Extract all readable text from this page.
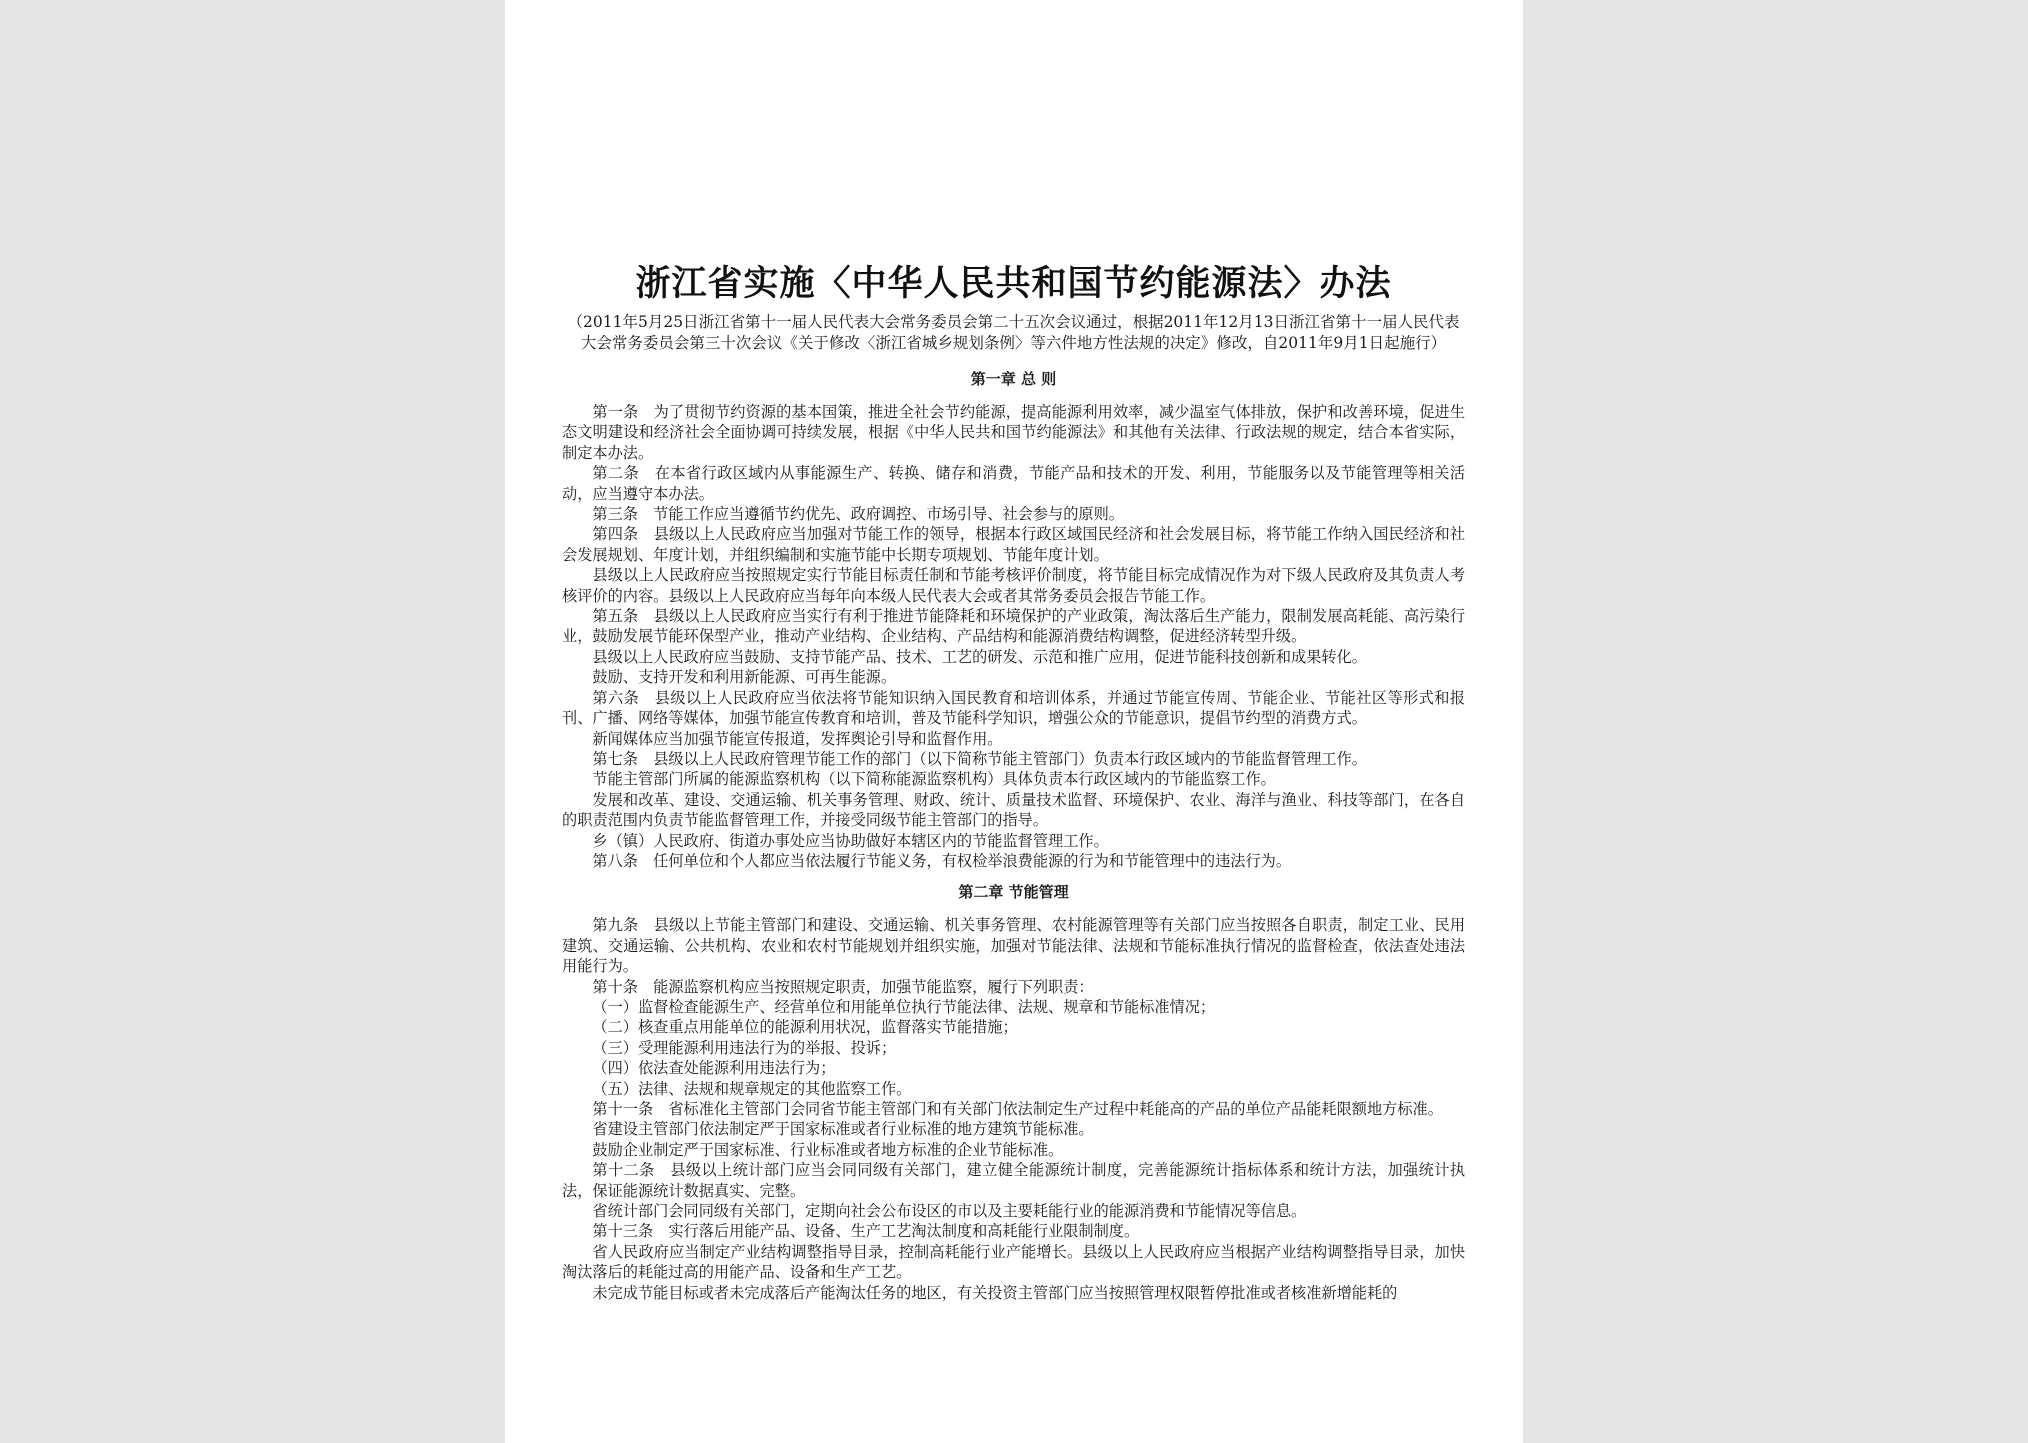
浙江省实施〈中华人民共和国节约能源法〉办法

（2011年5月25日浙江省第十一届人民代表大会常务委员会第二十五次会议通过，根据2011年12月13日浙江省第十一届人民代表大会常务委员会第三十次会议《关于修改〈浙江省城乡规划条例〉等六件地方性法规的决定》修改，自2011年9月1日起施行）

第一章 总 则

第一条　为了贯彻节约资源的基本国策，推进全社会节约能源，提高能源利用效率，减少温室气体排放，保护和改善环境，促进生态文明建设和经济社会全面协调可持续发展，根据《中华人民共和国节约能源法》和其他有关法律、行政法规的规定，结合本省实际，制定本办法。

第二条　在本省行政区域内从事能源生产、转换、储存和消费，节能产品和技术的开发、利用，节能服务以及节能管理等相关活动，应当遵守本办法。

第三条　节能工作应当遵循节约优先、政府调控、市场引导、社会参与的原则。

第四条　县级以上人民政府应当加强对节能工作的领导，根据本行政区域国民经济和社会发展目标，将节能工作纳入国民经济和社会发展规划、年度计划，并组织编制和实施节能中长期专项规划、节能年度计划。

县级以上人民政府应当按照规定实行节能目标责任制和节能考核评价制度，将节能目标完成情况作为对下级人民政府及其负责人考核评价的内容。县级以上人民政府应当每年向本级人民代表大会或者其常务委员会报告节能工作。

第五条　县级以上人民政府应当实行有利于推进节能降耗和环境保护的产业政策，淘汰落后生产能力，限制发展高耗能、高污染行业，鼓励发展节能环保型产业，推动产业结构、企业结构、产品结构和能源消费结构调整，促进经济转型升级。

县级以上人民政府应当鼓励、支持节能产品、技术、工艺的研发、示范和推广应用，促进节能科技创新和成果转化。

鼓励、支持开发和利用新能源、可再生能源。

第六条　县级以上人民政府应当依法将节能知识纳入国民教育和培训体系，并通过节能宣传周、节能企业、节能社区等形式和报刊、广播、网络等媒体，加强节能宣传教育和培训，普及节能科学知识，增强公众的节能意识，提倡节约型的消费方式。

新闻媒体应当加强节能宣传报道，发挥舆论引导和监督作用。

第七条　县级以上人民政府管理节能工作的部门（以下简称节能主管部门）负责本行政区域内的节能监督管理工作。

节能主管部门所属的能源监察机构（以下简称能源监察机构）具体负责本行政区域内的节能监察工作。

发展和改革、建设、交通运输、机关事务管理、财政、统计、质量技术监督、环境保护、农业、海洋与渔业、科技等部门，在各自的职责范围内负责节能监督管理工作，并接受同级节能主管部门的指导。

乡（镇）人民政府、街道办事处应当协助做好本辖区内的节能监督管理工作。

第八条　任何单位和个人都应当依法履行节能义务，有权检举浪费能源的行为和节能管理中的违法行为。

第二章 节能管理

第九条　县级以上节能主管部门和建设、交通运输、机关事务管理、农村能源管理等有关部门应当按照各自职责，制定工业、民用建筑、交通运输、公共机构、农业和农村节能规划并组织实施，加强对节能法律、法规和节能标准执行情况的监督检查，依法查处违法用能行为。

第十条　能源监察机构应当按照规定职责，加强节能监察，履行下列职责：

（一）监督检查能源生产、经营单位和用能单位执行节能法律、法规、规章和节能标准情况；

（二）核查重点用能单位的能源利用状况，监督落实节能措施；

（三）受理能源利用违法行为的举报、投诉；

（四）依法查处能源利用违法行为；

（五）法律、法规和规章规定的其他监察工作。

第十一条　省标准化主管部门会同省节能主管部门和有关部门依法制定生产过程中耗能高的产品的单位产品能耗限额地方标准。

省建设主管部门依法制定严于国家标准或者行业标准的地方建筑节能标准。

鼓励企业制定严于国家标准、行业标准或者地方标准的企业节能标准。

第十二条　县级以上统计部门应当会同同级有关部门，建立健全能源统计制度，完善能源统计指标体系和统计方法，加强统计执法，保证能源统计数据真实、完整。

省统计部门会同同级有关部门，定期向社会公布设区的市以及主要耗能行业的能源消费和节能情况等信息。

第十三条　实行落后用能产品、设备、生产工艺淘汰制度和高耗能行业限制制度。

省人民政府应当制定产业结构调整指导目录，控制高耗能行业产能增长。县级以上人民政府应当根据产业结构调整指导目录，加快淘汰落后的耗能过高的用能产品、设备和生产工艺。

未完成节能目标或者未完成落后产能淘汰任务的地区，有关投资主管部门应当按照管理权限暂停批准或者核准新增能耗的
